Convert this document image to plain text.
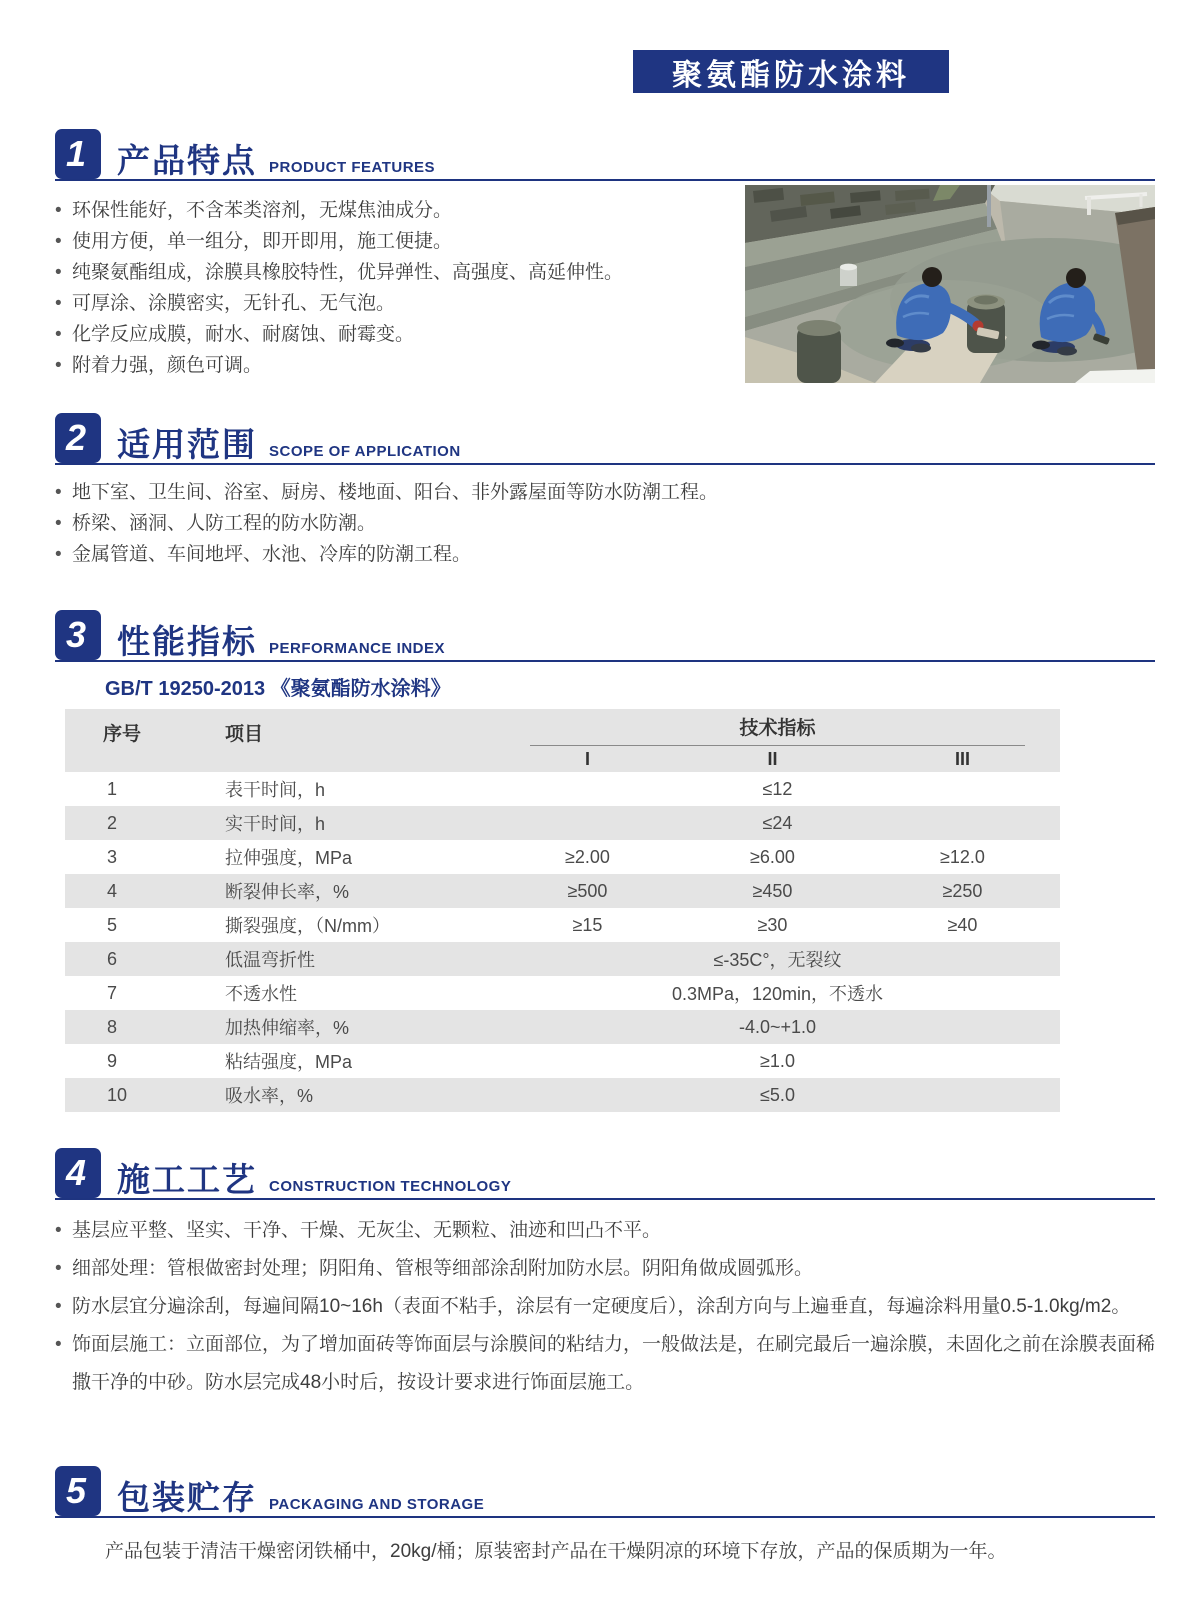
聚氨酯防水涂料
1 产品特点 PRODUCT FEATURES
• 环保性能好，不含苯类溶剂，无煤焦油成分。
• 使用方便，单一组分，即开即用，施工便捷。
• 纯聚氨酯组成，涂膜具橡胶特性，优异弹性、高强度、高延伸性。
• 可厚涂、涂膜密实，无针孔、无气泡。
• 化学反应成膜，耐水、耐腐蚀、耐霉变。
• 附着力强，颜色可调。
2 适用范围 SCOPE OF APPLICATION
• 地下室、卫生间、浴室、厨房、楼地面、阳台、非外露屋面等防水防潮工程。
• 桥梁、涵洞、人防工程的防水防潮。
• 金属管道、车间地坪、水池、冷库的防潮工程。
3 性能指标 PERFORMANCE INDEX
GB/T 19250-2013 《聚氨酯防水涂料》
序号	项目	技术指标
I	II	III
1	表干时间，h	≤12
2	实干时间，h	≤24
3	拉伸强度，MPa	≥2.00	≥6.00	≥12.0
4	断裂伸长率，%	≥500	≥450	≥250
5	撕裂强度，（N/mm）	≥15	≥30	≥40
6	低温弯折性	≤-35C°，无裂纹
7	不透水性	0.3MPa，120min，不透水
8	加热伸缩率，%	-4.0~+1.0
9	粘结强度，MPa	≥1.0
10	吸水率，%	≤5.0
4 施工工艺 CONSTRUCTION TECHNOLOGY
• 基层应平整、坚实、干净、干燥、无灰尘、无颗粒、油迹和凹凸不平。
• 细部处理：管根做密封处理；阴阳角、管根等细部涂刮附加防水层。阴阳角做成圆弧形。
• 防水层宜分遍涂刮，每遍间隔10~16h（表面不粘手，涂层有一定硬度后），涂刮方向与上遍垂直，每遍涂料用量0.5-1.0kg/m2。
• 饰面层施工：立面部位，为了增加面砖等饰面层与涂膜间的粘结力，一般做法是，在刷完最后一遍涂膜，未固化之前在涂膜表面稀撒干净的中砂。防水层完成48小时后，按设计要求进行饰面层施工。
5 包装贮存 PACKAGING AND STORAGE
产品包装于清洁干燥密闭铁桶中，20kg/桶；原装密封产品在干燥阴凉的环境下存放，产品的保质期为一年。
